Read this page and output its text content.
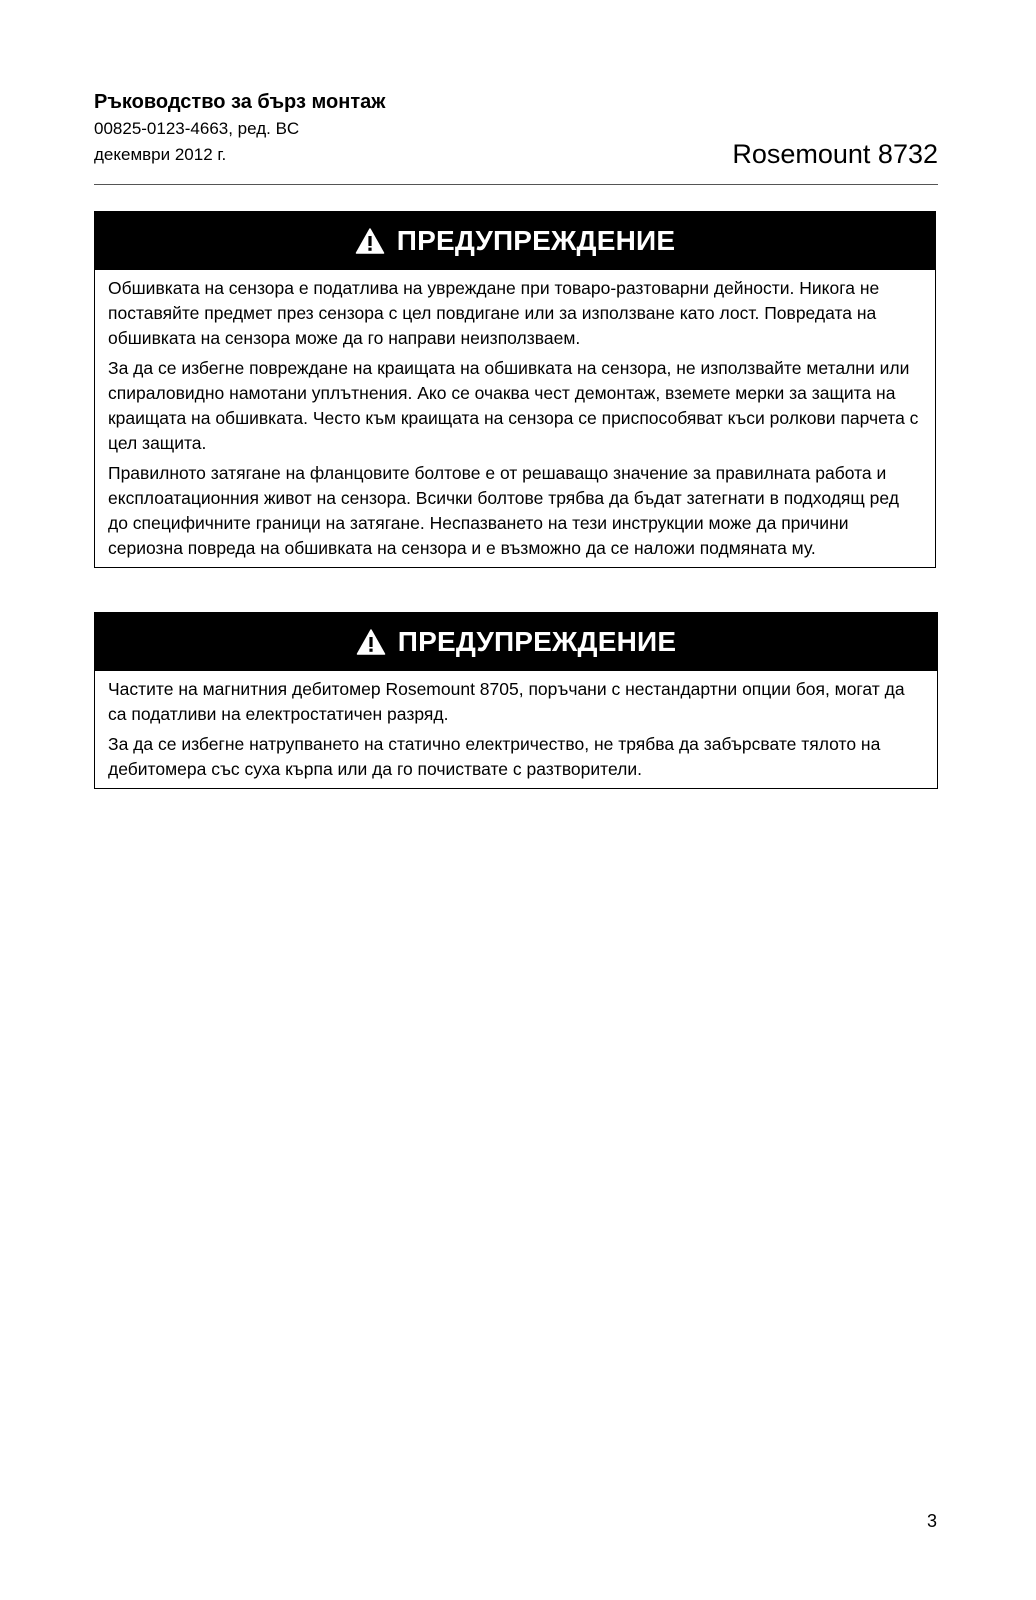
Ръководство за бърз монтаж
00825-0123-4663, ред. BC
декември 2012 г.	Rosemount 8732
ПРЕДУПРЕЖДЕНИЕ

Обшивката на сензора е податлива на увреждане при товаро-разтоварни дейности. Никога не поставяйте предмет през сензора с цел повдигане или за използване като лост. Повредата на обшивката на сензора може да го направи неизползваем.

За да се избегне повреждане на краищата на обшивката на сензора, не използвайте метални или спираловидно намотани уплътнения. Ако се очаква чест демонтаж, вземете мерки за защита на краищата на обшивката. Често към краищата на сензора се приспособяват къси ролкови парчета с цел защита.

Правилното затягане на фланцовите болтове е от решаващо значение за правилната работа и експлоатационния живот на сензора. Всички болтове трябва да бъдат затегнати в подходящ ред до специфичните граници на затягане. Неспазването на тези инструкции може да причини сериозна повреда на обшивката на сензора и е възможно да се наложи подмяната му.

ПРЕДУПРЕЖДЕНИЕ

Частите на магнитния дебитомер Rosemount 8705, поръчани с нестандартни опции боя, могат да са податливи на електростатичен разряд.

За да се избегне натрупването на статично електричество, не трябва да забърсвате тялото на дебитомера със суха кърпа или да го почиствате с разтворители.

3
